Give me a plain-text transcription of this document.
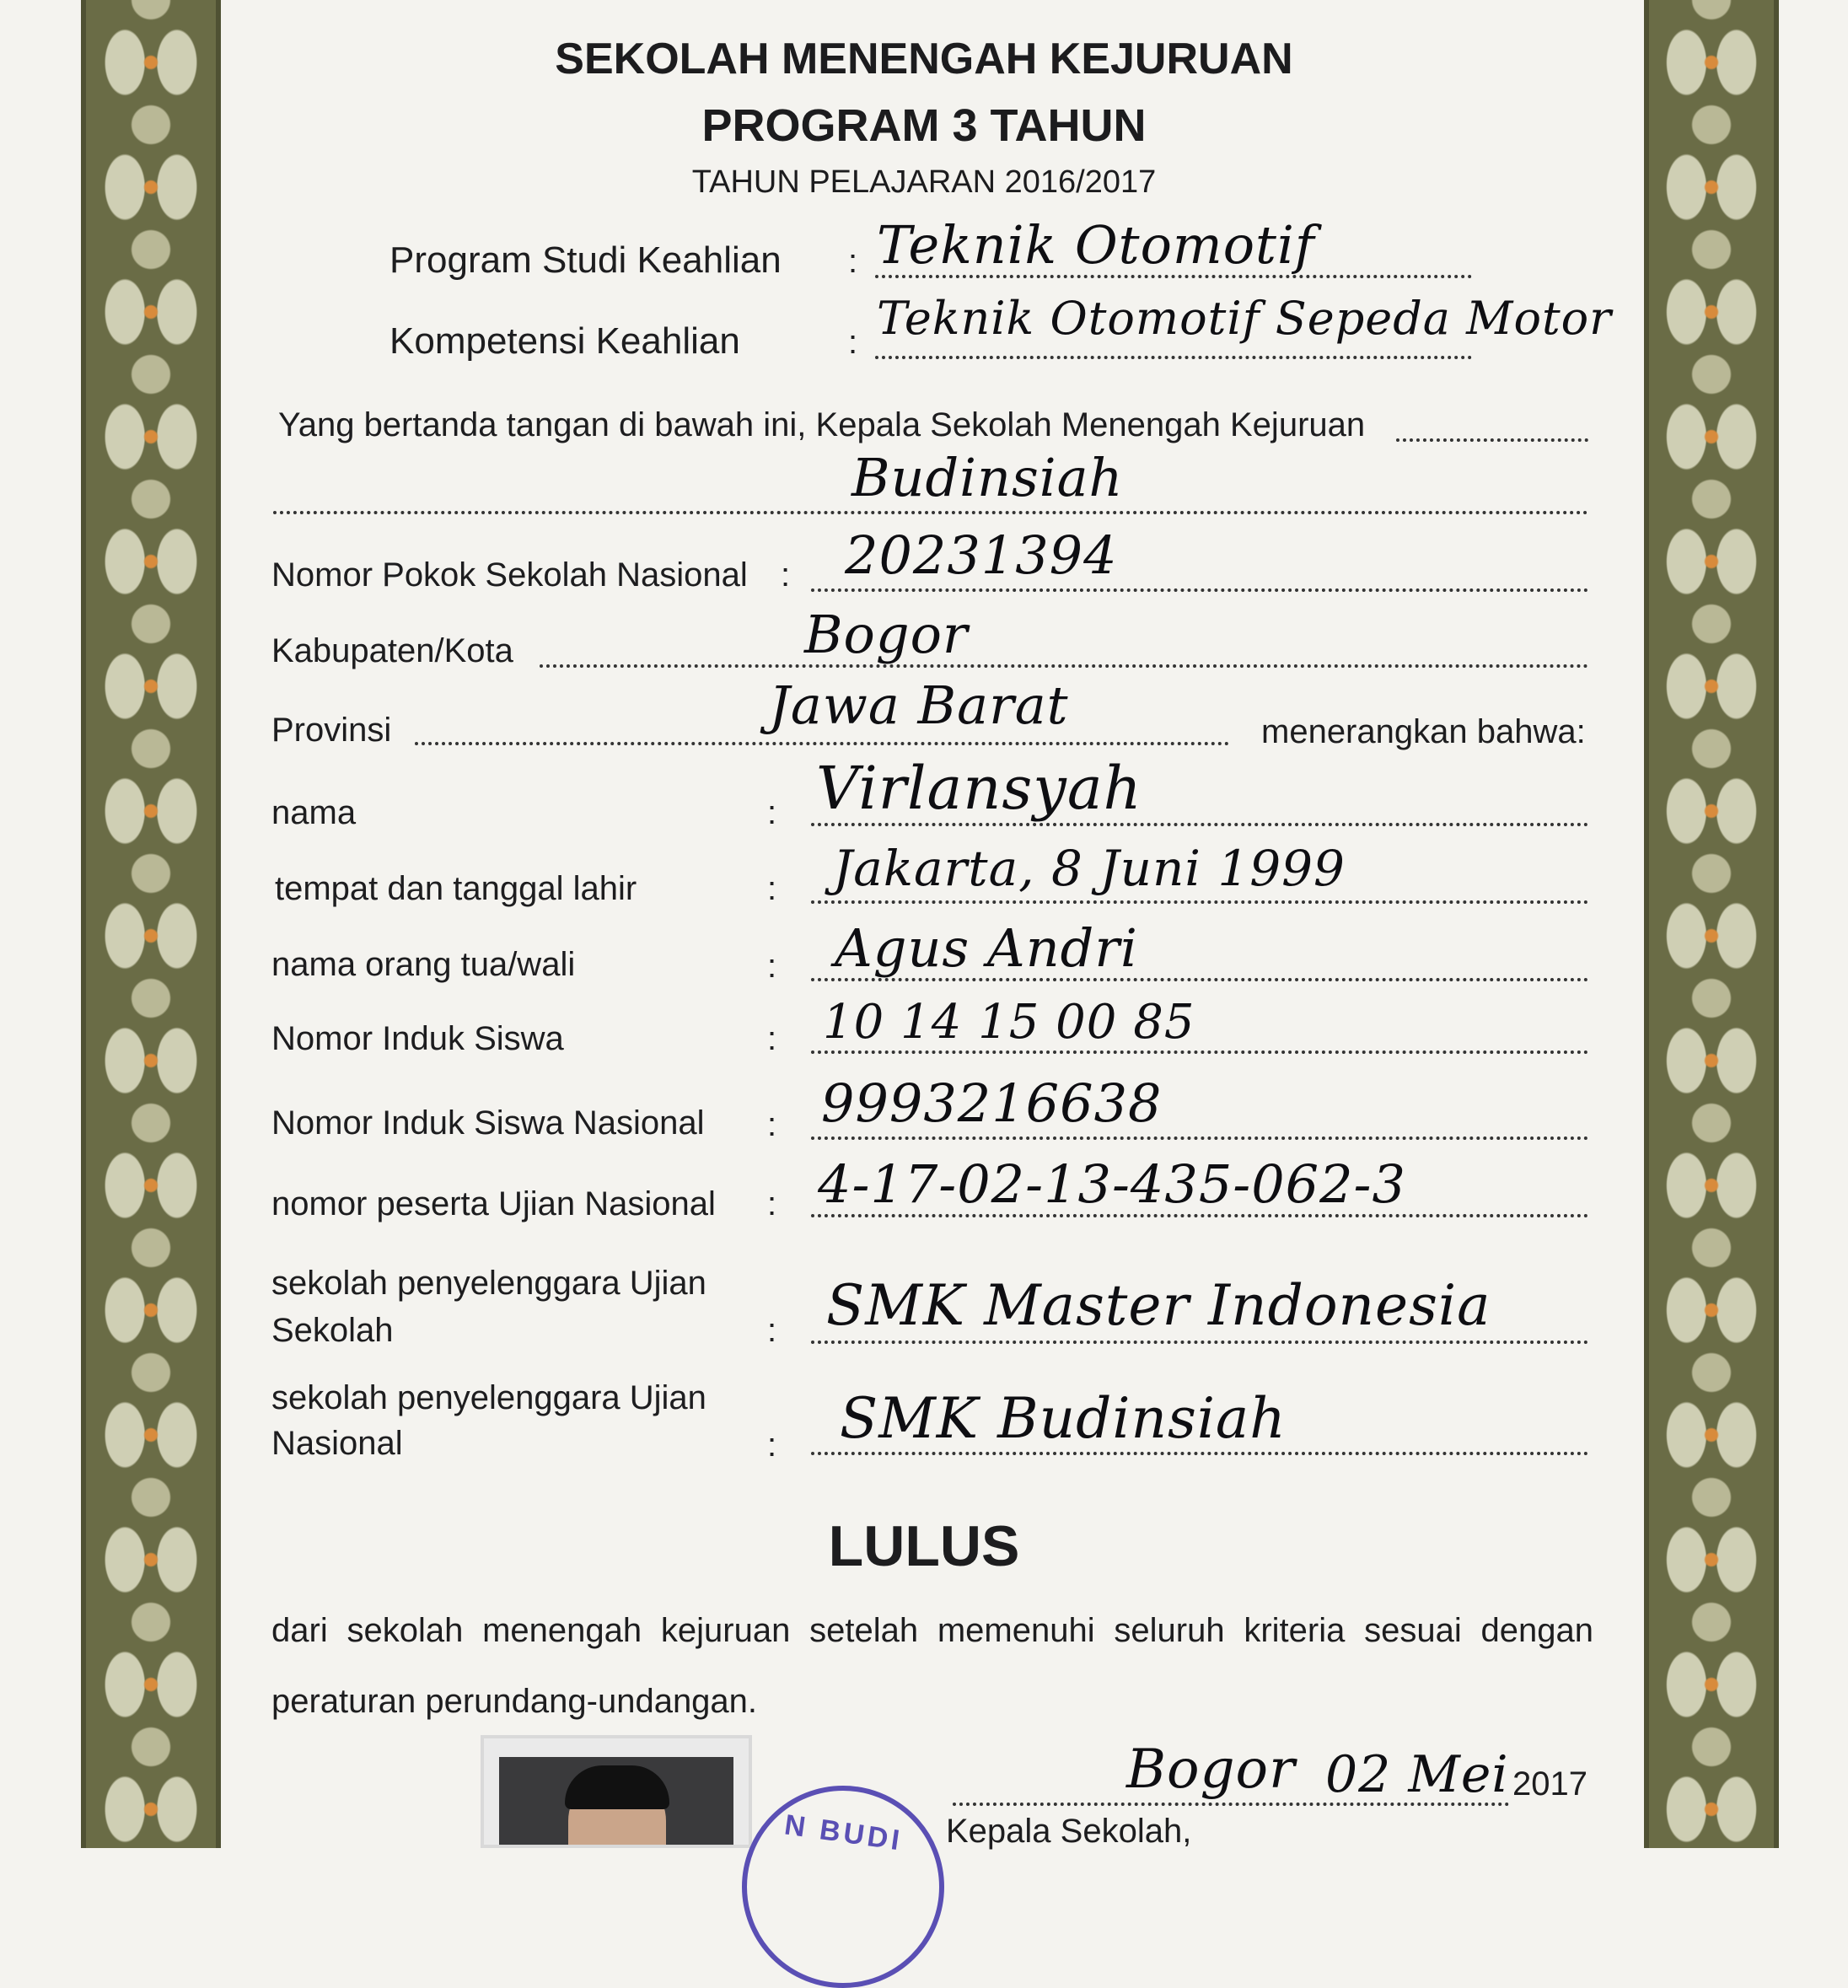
SEKOLAH MENENGAH KEJURUAN
PROGRAM 3 TAHUN
TAHUN PELAJARAN 2016/2017
Program Studi Keahlian : Teknik Otomotif
Kompetensi Keahlian	: Teknik Otomotif Sepeda Motor
Yang bertanda tangan di bawah ini, Kepala Sekolah Menengah Kejuruan
Budinsiah
Nomor Pokok Sekolah Nasional : 20231394
Kabupaten/Kota	Bogor
Provinsi	Jawa Barat	menerangkan bahwa:
nama	: Virlansyah
tempat dan tanggal lahir	: Jakarta, 8 Juni 1999
nama orang tua/wali	: Agus Andri
Nomor Induk Siswa	: 10 14 15 00 85
Nomor Induk Siswa Nasional : 9993216638
nomor peserta Ujian Nasional : 4-17-02-13-435-062-3
sekolah penyelenggara Ujian
Sekolah	: SMK Master Indonesia
sekolah penyelenggara Ujian
Nasional	: SMK Budinsiah
LULUS
dari sekolah menengah kejuruan setelah memenuhi seluruh kriteria sesuai dengan
peraturan perundang-undangan.
N BUDI
Bogor 02 Mei 2017
Kepala Sekolah,
